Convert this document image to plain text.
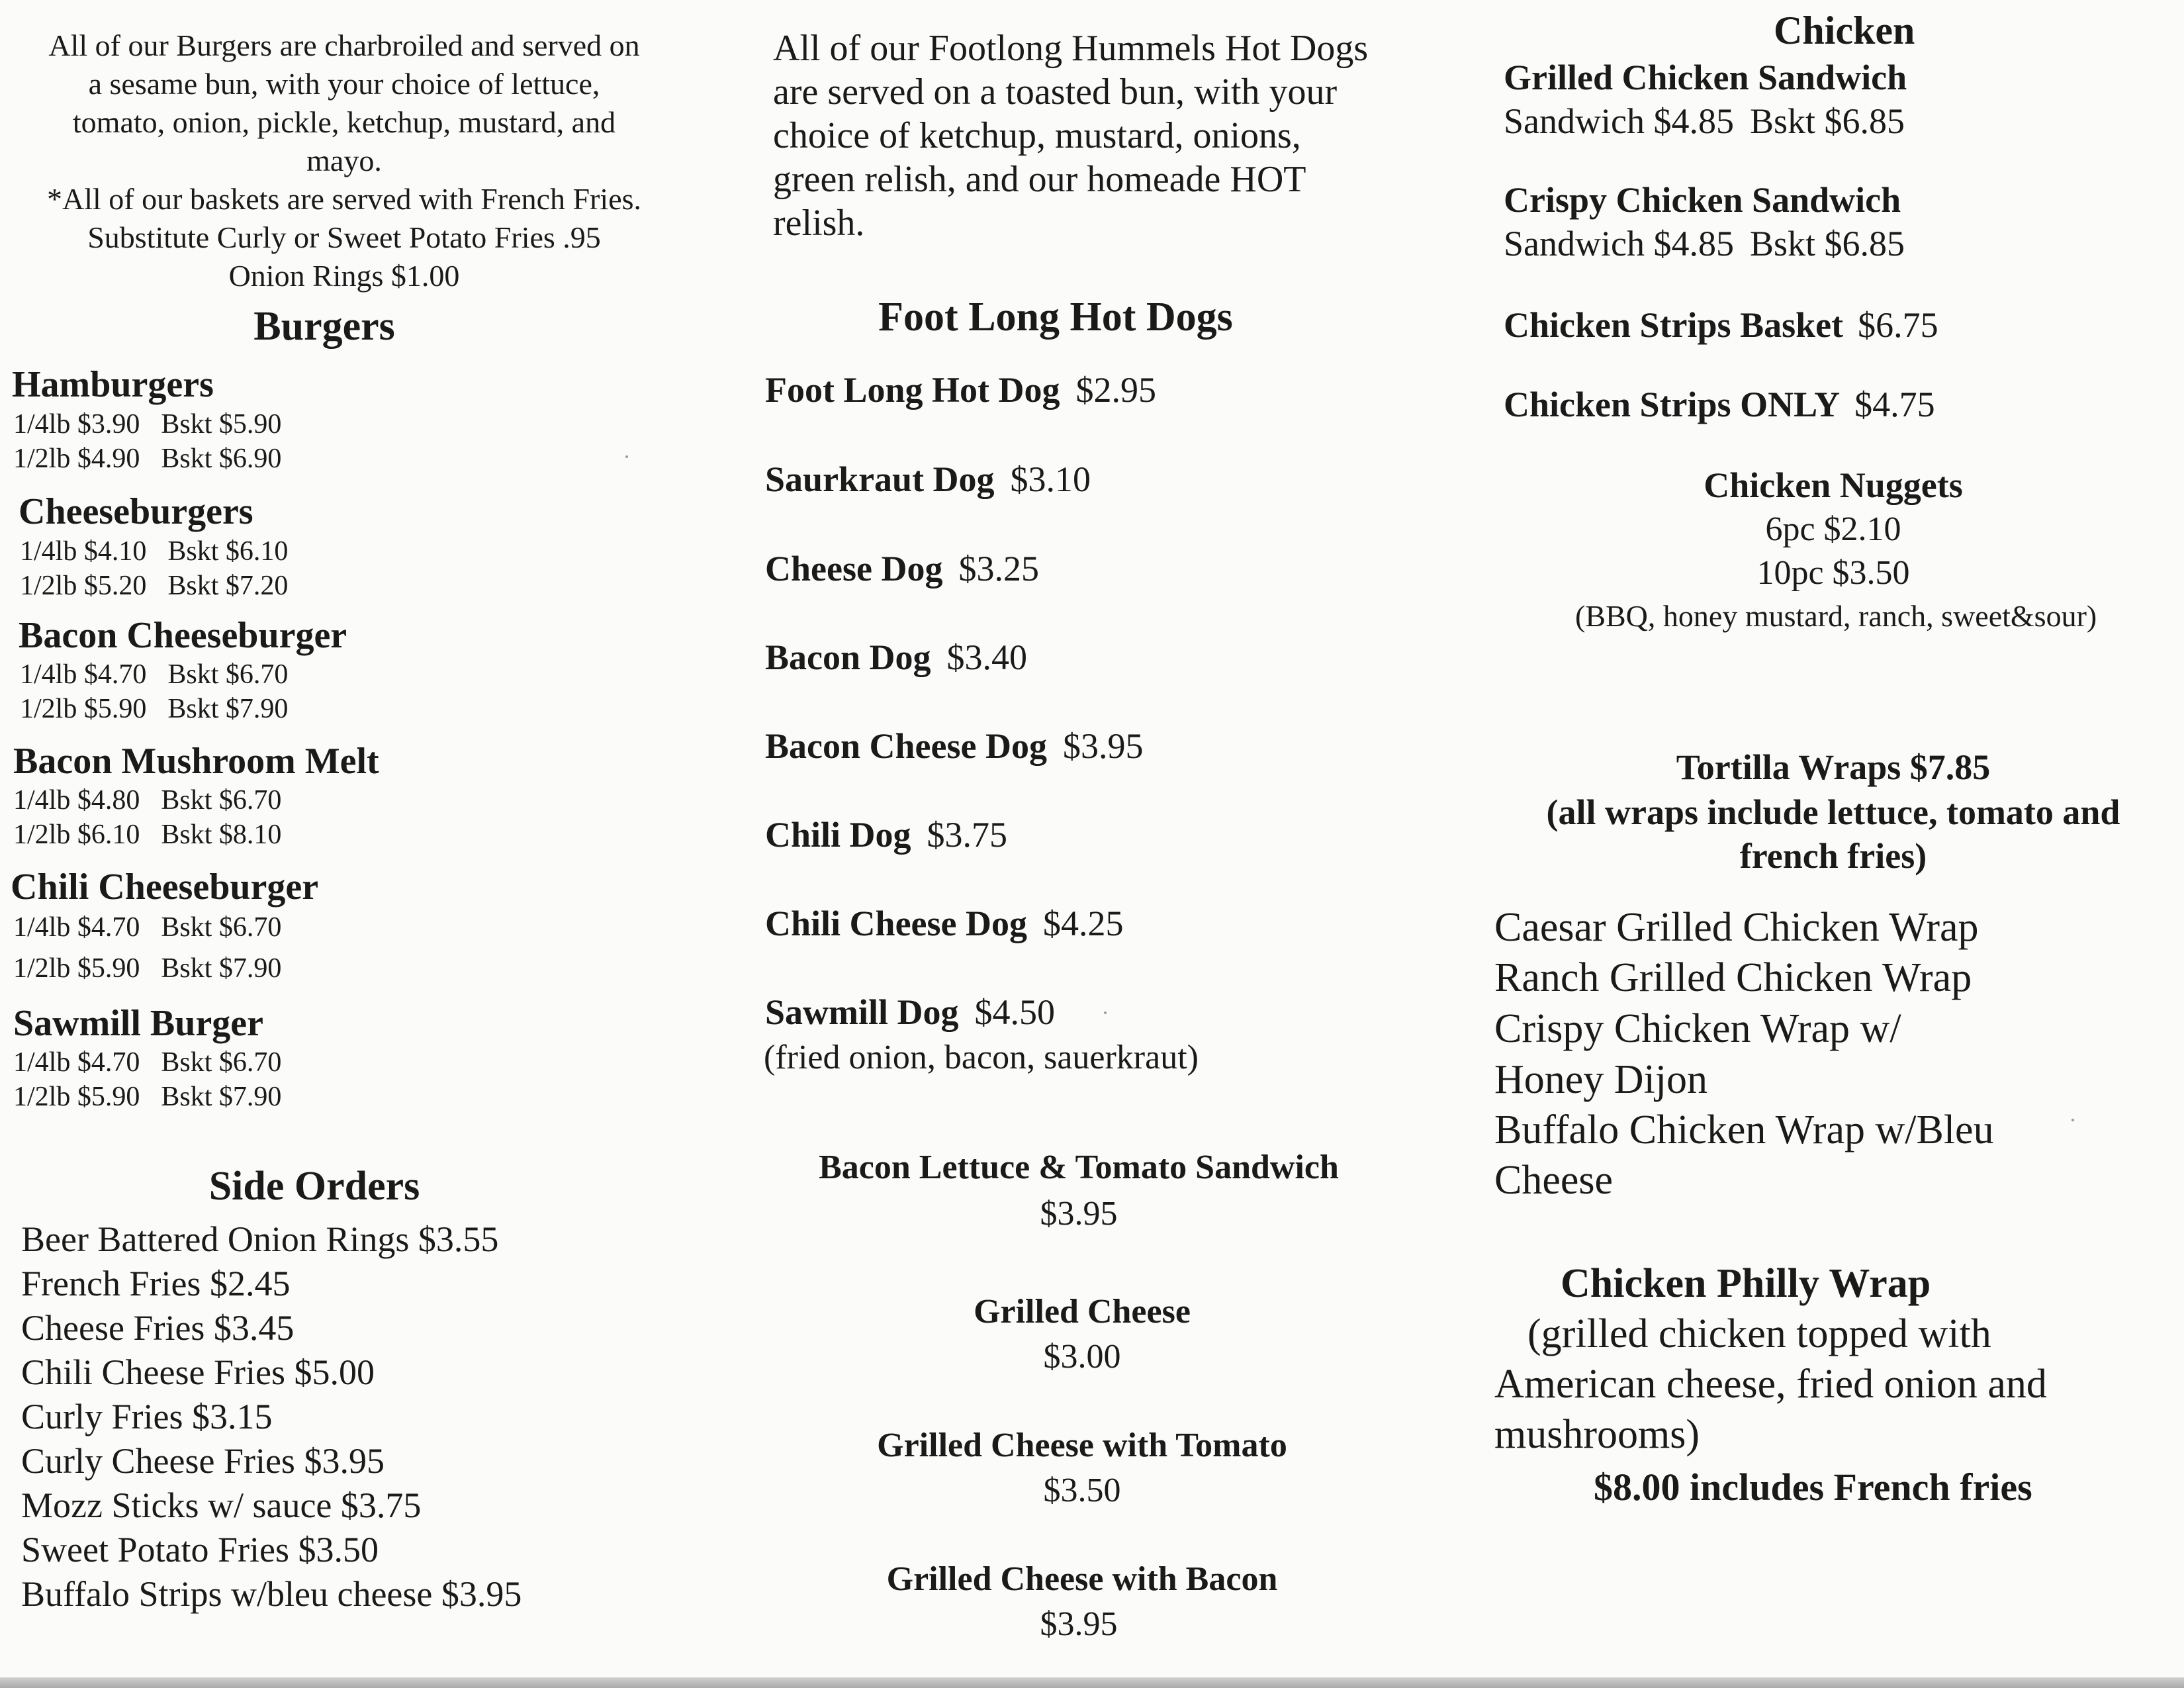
All of our Burgers are charbroiled and served on
a sesame bun, with your choice of lettuce,
tomato, onion, pickle, ketchup, mustard, and
mayo.
*All of our baskets are served with French Fries.
Substitute Curly or Sweet Potato Fries .95
Onion Rings $1.00
Burgers
Hamburgers
1/4lb $3.90 Bskt $5.90
1/2lb $4.90 Bskt $6.90
Cheeseburgers
1/4lb $4.10 Bskt $6.10
1/2lb $5.20 Bskt $7.20
Bacon Cheeseburger
1/4lb $4.70 Bskt $6.70
1/2lb $5.90 Bskt $7.90
Bacon Mushroom Melt
1/4lb $4.80 Bskt $6.70
1/2lb $6.10 Bskt $8.10
Chili Cheeseburger
1/4lb $4.70 Bskt $6.70
1/2lb $5.90 Bskt $7.90
Sawmill Burger
1/4lb $4.70 Bskt $6.70
1/2lb $5.90 Bskt $7.90
Side Orders
Beer Battered Onion Rings $3.55
French Fries $2.45
Cheese Fries $3.45
Chili Cheese Fries $5.00
Curly Fries $3.15
Curly Cheese Fries $3.95
Mozz Sticks w/ sauce $3.75
Sweet Potato Fries $3.50
Buffalo Strips w/bleu cheese $3.95
All of our Footlong Hummels Hot Dogs
are served on a toasted bun, with your
choice of ketchup, mustard, onions,
green relish, and our homeade HOT
relish.
Foot Long Hot Dogs
Foot Long Hot Dog $2.95
Saurkraut Dog $3.10
Cheese Dog $3.25
Bacon Dog $3.40
Bacon Cheese Dog $3.95
Chili Dog $3.75
Chili Cheese Dog $4.25
Sawmill Dog $4.50
(fried onion, bacon, sauerkraut)
Bacon Lettuce & Tomato Sandwich
$3.95
Grilled Cheese
$3.00
Grilled Cheese with Tomato
$3.50
Grilled Cheese with Bacon
$3.95
Chicken
Grilled Chicken Sandwich
Sandwich $4.85 Bskt $6.85
Crispy Chicken Sandwich
Sandwich $4.85 Bskt $6.85
Chicken Strips Basket $6.75
Chicken Strips ONLY $4.75
Chicken Nuggets
6pc $2.10
10pc $3.50
(BBQ, honey mustard, ranch, sweet&sour)
Tortilla Wraps $7.85
(all wraps include lettuce, tomato and
french fries)
Caesar Grilled Chicken Wrap
Ranch Grilled Chicken Wrap
Crispy Chicken Wrap w/
Honey Dijon
Buffalo Chicken Wrap w/Bleu
Cheese
Chicken Philly Wrap
(grilled chicken topped with
American cheese, fried onion and
mushrooms)
$8.00 includes French fries
